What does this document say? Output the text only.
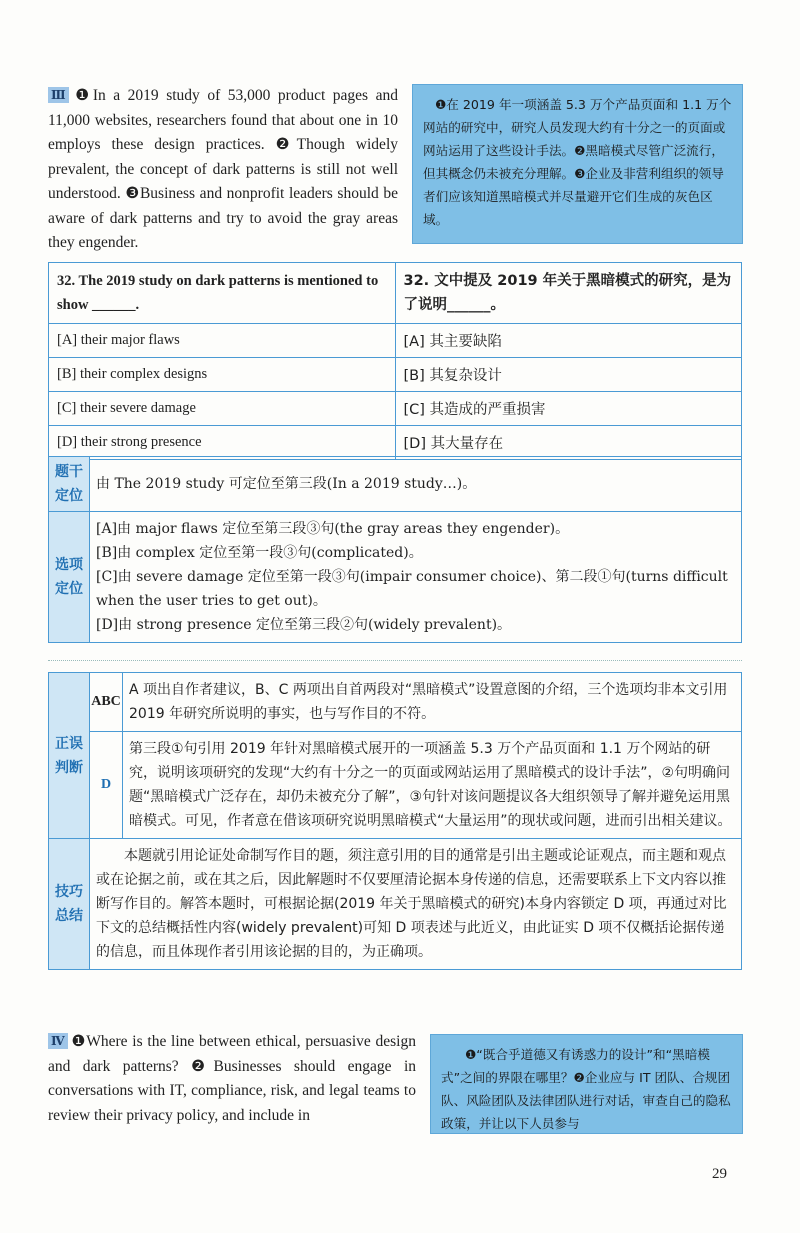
Ⅲ ❶In a 2019 study of 53,000 product pages and 11,000 websites, researchers found that about one in 10 employs these design practices. ❷Though widely prevalent, the concept of dark patterns is still not well understood. ❸Business and nonprofit leaders should be aware of dark patterns and try to avoid the gray areas they engender.
❶在 2019 年一项涵盖 5.3 万个产品页面和 1.1 万个网站的研究中，研究人员发现大约有十分之一的页面或网站运用了这些设计手法。❷黑暗模式尽管广泛流行，但其概念仍未被充分理解。❸企业及非营利组织的领导者们应该知道黑暗模式并尽量避开它们生成的灰色区域。
32. The 2019 study on dark patterns is mentioned to show ______.	32. 文中提及 2019 年关于黑暗模式的研究，是为了说明______。
[A] their major flaws	[A] 其主要缺陷
[B] their complex designs	[B] 其复杂设计
[C] their severe damage	[C] 其造成的严重损害
[D] their strong presence	[D] 其大量存在
题干定位	由 The 2019 study 可定位至第三段(In a 2019 study…)。
选项定位	[A]由 major flaws 定位至第三段③句(the gray areas they engender)。
[B]由 complex 定位至第一段③句(complicated)。
[C]由 severe damage 定位至第一段③句(impair consumer choice)、第二段①句(turns difficult when the user tries to get out)。
[D]由 strong presence 定位至第三段②句(widely prevalent)。
正误判断	ABC	A 项出自作者建议，B、C 两项出自首两段对“黑暗模式”设置意图的介绍，三个选项均非本文引用 2019 年研究所说明的事实，也与写作目的不符。
	D	第三段①句引用 2019 年针对黑暗模式展开的一项涵盖 5.3 万个产品页面和 1.1 万个网站的研究，说明该项研究的发现“大约有十分之一的页面或网站运用了黑暗模式的设计手法”，②句明确问题“黑暗模式广泛存在，却仍未被充分了解”，③句针对该问题提议各大组织领导了解并避免运用黑暗模式。可见，作者意在借该项研究说明黑暗模式“大量运用”的现状或问题，进而引出相关建议。
技巧总结	本题就引用论证处命制写作目的题，须注意引用的目的通常是引出主题或论证观点，而主题和观点或在论据之前，或在其之后，因此解题时不仅要厘清论据本身传递的信息，还需要联系上下文内容以推断写作目的。解答本题时，可根据论据(2019 年关于黑暗模式的研究)本身内容锁定 D 项，再通过对比下文的总结概括性内容(widely prevalent)可知 D 项表述与此近义，由此证实 D 项不仅概括论据传递的信息，而且体现作者引用该论据的目的，为正确项。	
Ⅳ ❶Where is the line between ethical, persuasive design and dark patterns? ❷Businesses should engage in conversations with IT, compliance, risk, and legal teams to review their privacy policy, and include in
❶“既合乎道德又有诱惑力的设计”和“黑暗模式”之间的界限在哪里？❷企业应与 IT 团队、合规团队、风险团队及法律团队进行对话，审查自己的隐私政策，并让以下人员参与
29
